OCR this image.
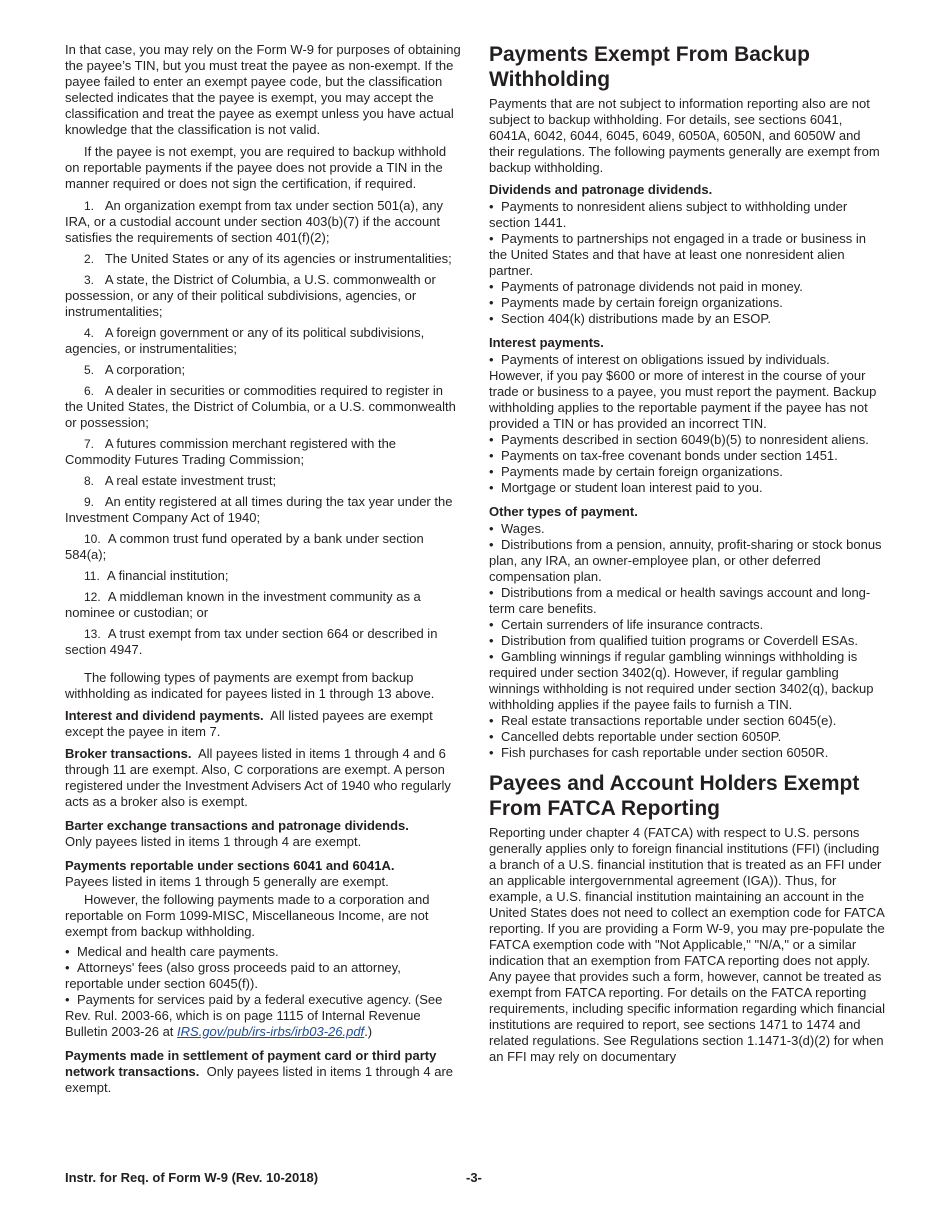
In that case, you may rely on the Form W-9 for purposes of obtaining the payee’s TIN, but you must treat the payee as non-exempt. If the payee failed to enter an exempt payee code, but the classification selected indicates that the payee is exempt, you may accept the classification and treat the payee as exempt unless you have actual knowledge that the classification is not valid.

If the payee is not exempt, you are required to backup withhold on reportable payments if the payee does not provide a TIN in the manner required or does not sign the certification, if required.

1. An organization exempt from tax under section 501(a), any IRA, or a custodial account under section 403(b)(7) if the account satisfies the requirements of section 401(f)(2);

2. The United States or any of its agencies or instrumentalities;

3. A state, the District of Columbia, a U.S. commonwealth or possession, or any of their political subdivisions, agencies, or instrumentalities;

4. A foreign government or any of its political subdivisions, agencies, or instrumentalities;

5. A corporation;

6. A dealer in securities or commodities required to register in the United States, the District of Columbia, or a U.S. commonwealth or possession;

7. A futures commission merchant registered with the Commodity Futures Trading Commission;

8. A real estate investment trust;

9. An entity registered at all times during the tax year under the Investment Company Act of 1940;

10. A common trust fund operated by a bank under section 584(a);

11. A financial institution;

12. A middleman known in the investment community as a nominee or custodian; or

13. A trust exempt from tax under section 664 or described in section 4947.

The following types of payments are exempt from backup withholding as indicated for payees listed in 1 through 13 above.

Interest and dividend payments. All listed payees are exempt except the payee in item 7.

Broker transactions. All payees listed in items 1 through 4 and 6 through 11 are exempt. Also, C corporations are exempt. A person registered under the Investment Advisers Act of 1940 who regularly acts as a broker also is exempt.

Barter exchange transactions and patronage dividends.
Only payees listed in items 1 through 4 are exempt.

Payments reportable under sections 6041 and 6041A.
Payees listed in items 1 through 5 generally are exempt.

However, the following payments made to a corporation and reportable on Form 1099-MISC, Miscellaneous Income, are not exempt from backup withholding.

• Medical and health care payments.

• Attorneys' fees (also gross proceeds paid to an attorney, reportable under section 6045(f)).

• Payments for services paid by a federal executive agency. (See Rev. Rul. 2003-66, which is on page 1115 of Internal Revenue Bulletin 2003-26 at IRS.gov/pub/irs-irbs/irb03-26.pdf.)

Payments made in settlement of payment card or third party network transactions. Only payees listed in items 1 through 4 are exempt.

Payments Exempt From Backup Withholding

Payments that are not subject to information reporting also are not subject to backup withholding. For details, see sections 6041, 6041A, 6042, 6044, 6045, 6049, 6050A, 6050N, and 6050W and their regulations. The following payments generally are exempt from backup withholding.

Dividends and patronage dividends.

• Payments to nonresident aliens subject to withholding under section 1441.

• Payments to partnerships not engaged in a trade or business in the United States and that have at least one nonresident alien partner.

• Payments of patronage dividends not paid in money.

• Payments made by certain foreign organizations.

• Section 404(k) distributions made by an ESOP.

Interest payments.

• Payments of interest on obligations issued by individuals. However, if you pay $600 or more of interest in the course of your trade or business to a payee, you must report the payment. Backup withholding applies to the reportable payment if the payee has not provided a TIN or has provided an incorrect TIN.

• Payments described in section 6049(b)(5) to nonresident aliens.

• Payments on tax-free covenant bonds under section 1451.

• Payments made by certain foreign organizations.

• Mortgage or student loan interest paid to you.

Other types of payment.

• Wages.

• Distributions from a pension, annuity, profit-sharing or stock bonus plan, any IRA, an owner-employee plan, or other deferred compensation plan.

• Distributions from a medical or health savings account and long-term care benefits.

• Certain surrenders of life insurance contracts.

• Distribution from qualified tuition programs or Coverdell ESAs.

• Gambling winnings if regular gambling winnings withholding is required under section 3402(q). However, if regular gambling winnings withholding is not required under section 3402(q), backup withholding applies if the payee fails to furnish a TIN.

• Real estate transactions reportable under section 6045(e).

• Cancelled debts reportable under section 6050P.

• Fish purchases for cash reportable under section 6050R.

Payees and Account Holders Exempt From FATCA Reporting

Reporting under chapter 4 (FATCA) with respect to U.S. persons generally applies only to foreign financial institutions (FFI) (including a branch of a U.S. financial institution that is treated as an FFI under an applicable intergovernmental agreement (IGA)). Thus, for example, a U.S. financial institution maintaining an account in the United States does not need to collect an exemption code for FATCA reporting. If you are providing a Form W-9, you may pre-populate the FATCA exemption code with "Not Applicable," "N/A," or a similar indication that an exemption from FATCA reporting does not apply. Any payee that provides such a form, however, cannot be treated as exempt from FATCA reporting. For details on the FATCA reporting requirements, including specific information regarding which financial institutions are required to report, see sections 1471 to 1474 and related regulations. See Regulations section 1.1471-3(d)(2) for when an FFI may rely on documentary

Instr. for Req. of Form W-9 (Rev. 10-2018)	-3-
